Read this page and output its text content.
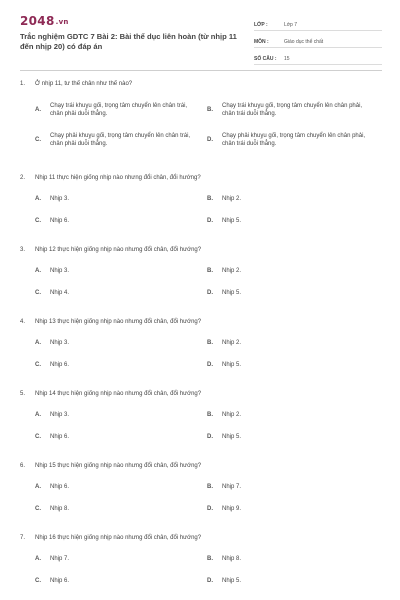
2048.vn
Trắc nghiệm GDTC 7 Bài 2: Bài thể dục liên hoàn (từ nhịp 11 đến nhịp 20) có đáp án
LỚP :	Lớp 7
MÔN :	Giáo dục thể chất
SỐ CÂU :	15
1.	Ở nhịp 11, tư thế chân như thế nào?
A.
Chạy trái khuỵu gối, trọng tâm chuyển lên chân trái, chân phải duỗi thẳng.
B.
Chạy trái khuỵu gối, trọng tâm chuyển lên chân phải, chân trái duỗi thẳng.
C.
Chạy phải khuỵu gối, trọng tâm chuyển lên chân trái, chân phải duỗi thẳng.
D.
Chạy phải khuỵu gối, trọng tâm chuyển lên chân phải, chân trái duỗi thẳng.
2.	Nhịp 11 thực hiện giống nhịp nào nhưng đổi chân, đổi hướng?
A.	Nhịp 3.	B.	Nhịp 2.
C.	Nhịp 6.	D.	Nhịp 5.
3.	Nhịp 12 thực hiện giống nhịp nào nhưng đổi chân, đổi hướng?
A.	Nhịp 3.	B.	Nhịp 2.
C.	Nhịp 4.	D.	Nhịp 5.
4.	Nhịp 13 thực hiện giống nhịp nào nhưng đổi chân, đổi hướng?
A.	Nhịp 3.	B.	Nhịp 2.
C.	Nhịp 6.	D.	Nhịp 5.
5.	Nhịp 14 thực hiện giống nhịp nào nhưng đổi chân, đổi hướng?
A.	Nhịp 3.	B.	Nhịp 2.
C.	Nhịp 6.	D.	Nhịp 5.
6.	Nhịp 15 thực hiện giống nhịp nào nhưng đổi chân, đổi hướng?
A.	Nhịp 6.	B.	Nhịp 7.
C.	Nhịp 8.	D.	Nhịp 9.
7.	Nhịp 16 thực hiện giống nhịp nào nhưng đổi chân, đổi hướng?
A.	Nhịp 7.	B.	Nhịp 8.
C.	Nhịp 6.	D.	Nhịp 5.
